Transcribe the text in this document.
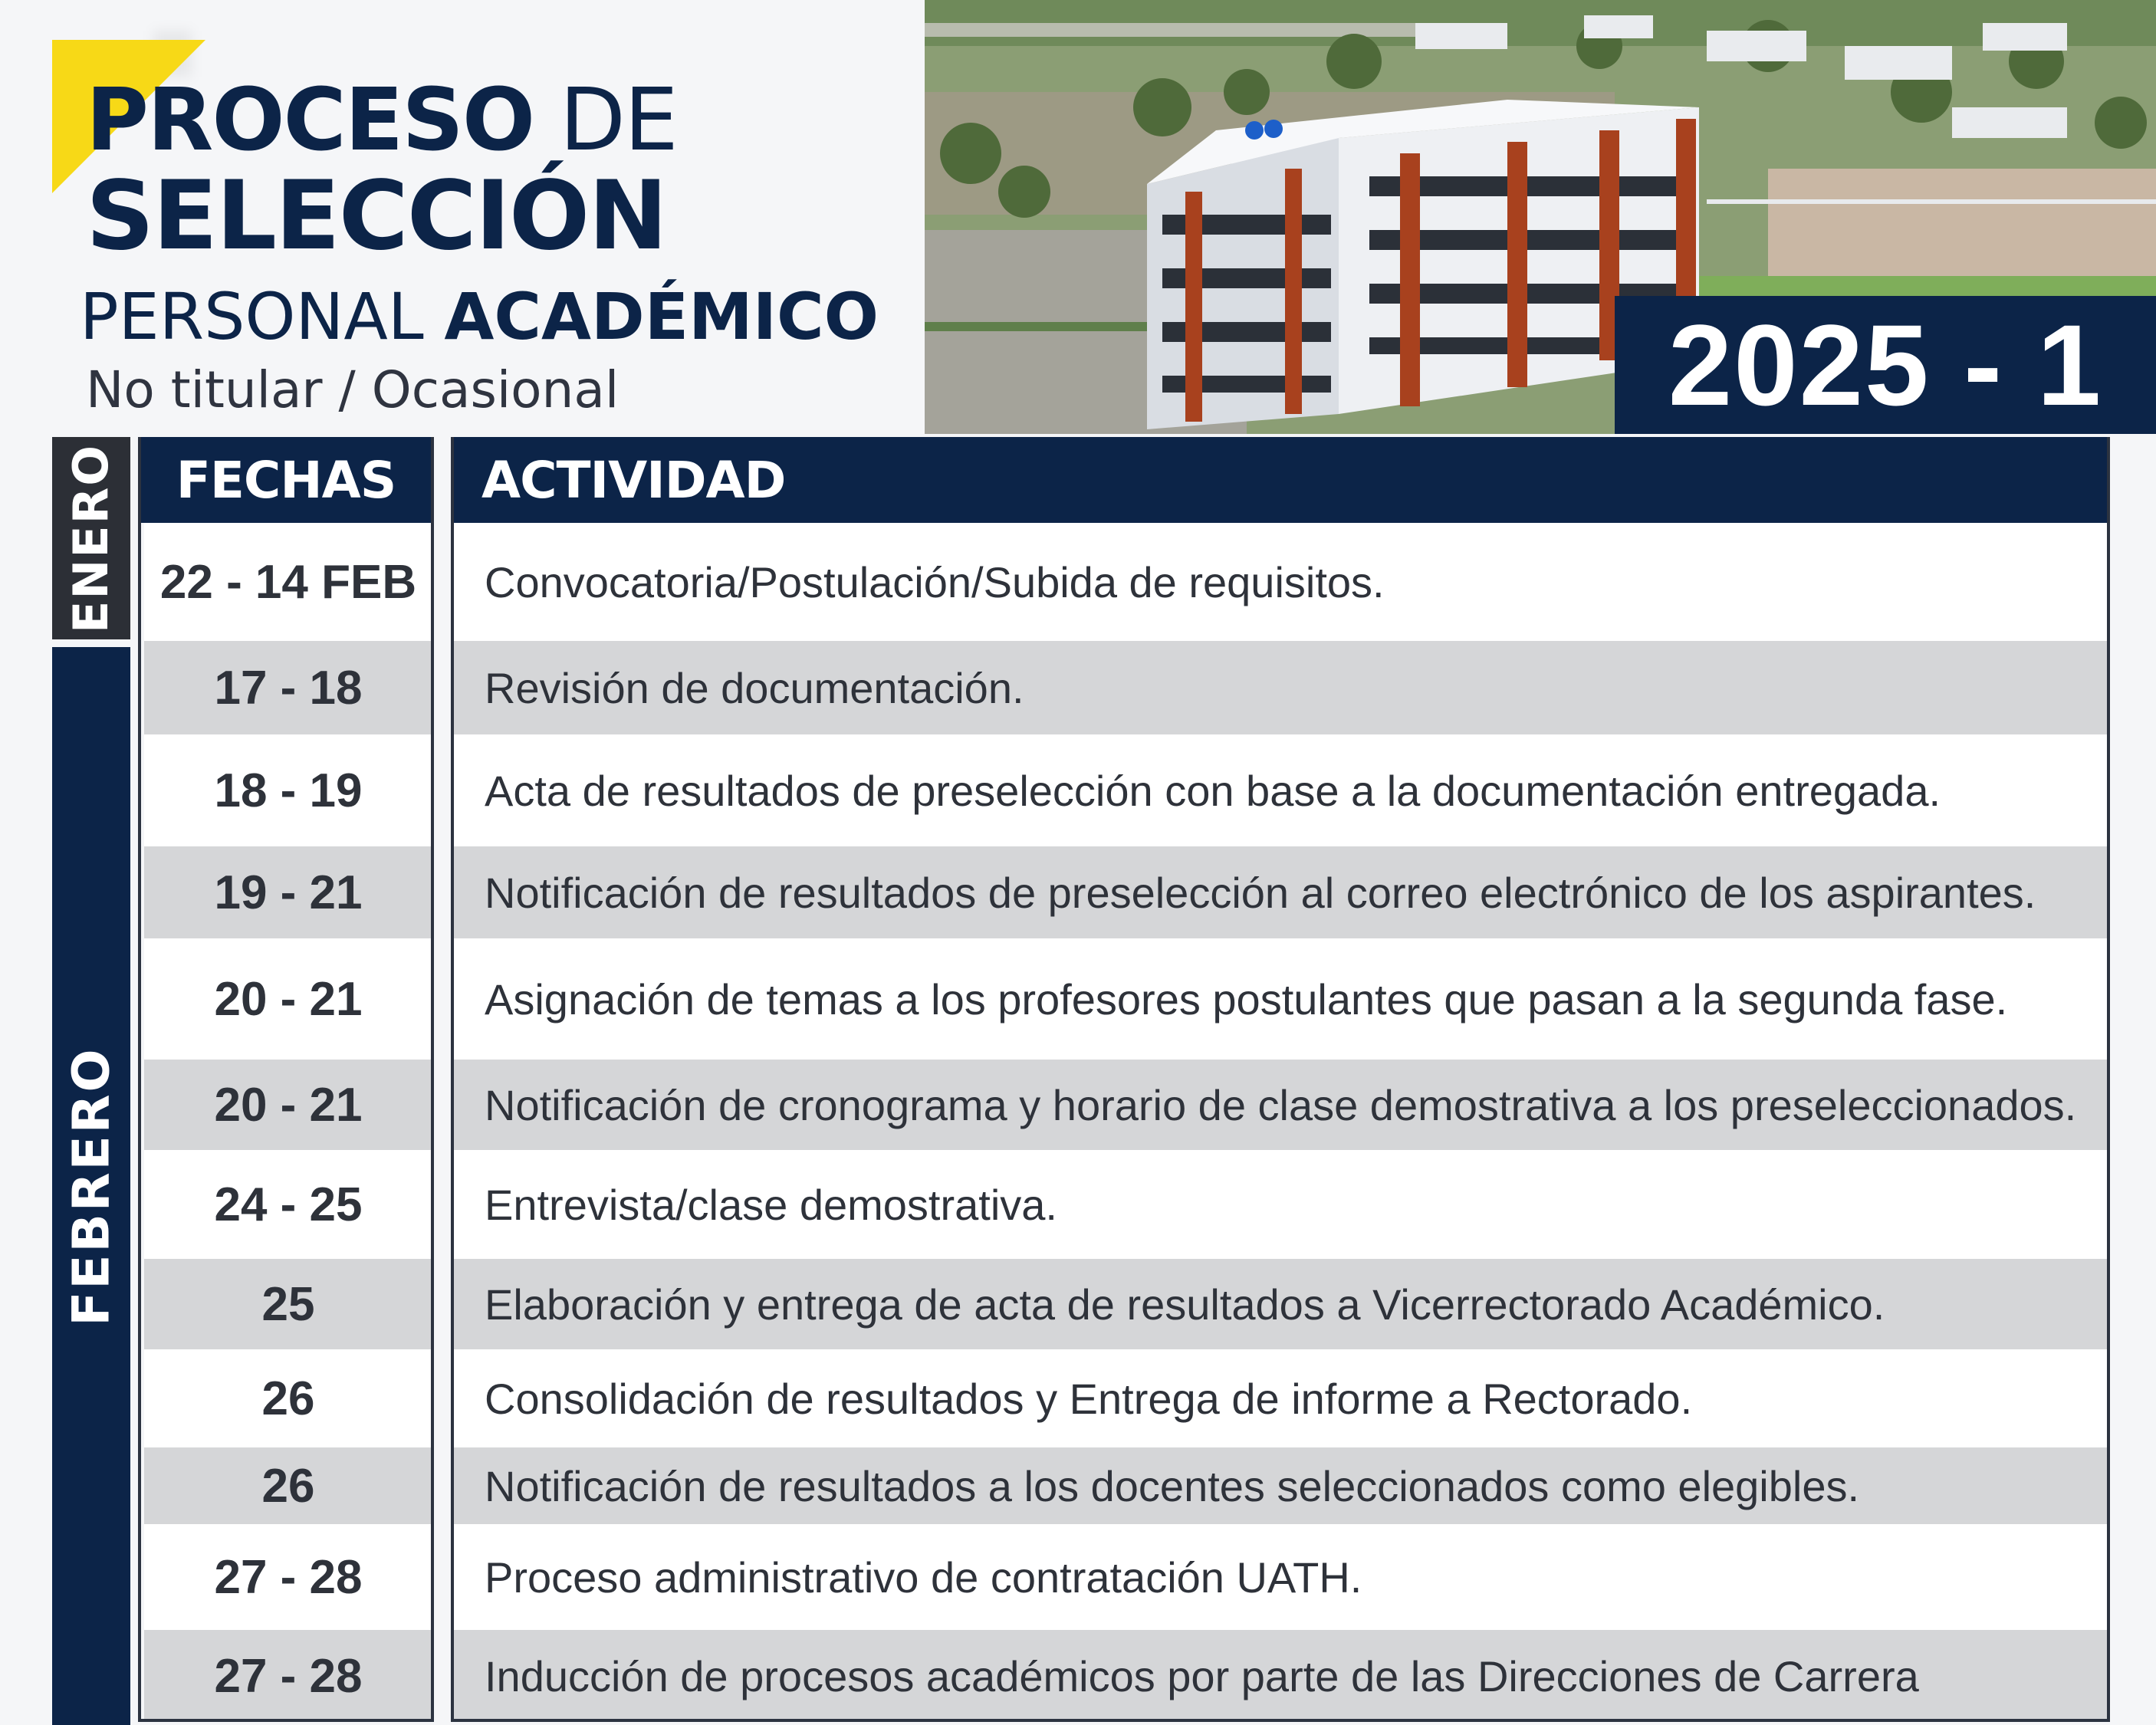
PROCESO DE
SELECCIÓN
PERSONAL ACADÉMICO
No titular / Ocasional	2025 - 1
ENERO
FEBRERO
FECHAS	ACTIVIDAD
22 - 14 FEB	Convocatoria/Postulación/Subida de requisitos.
17 - 18	Revisión de documentación.
18 - 19	Acta de resultados de preselección con base a la documentación entregada.
19 - 21	Notificación de resultados de preselección al correo electrónico de los aspirantes.
20 - 21	Asignación de temas a los profesores postulantes que pasan a la segunda fase.
20 - 21	Notificación de cronograma y horario de clase demostrativa a los preseleccionados.
24 - 25	Entrevista/clase demostrativa.
25	Elaboración y entrega de acta de resultados a Vicerrectorado Académico.
26	Consolidación de resultados y Entrega de informe a Rectorado.
26	Notificación de resultados a los docentes seleccionados como elegibles.
27 - 28	Proceso administrativo de contratación UATH.
27 - 28	Inducción de procesos académicos por parte de las Direcciones de Carrera
